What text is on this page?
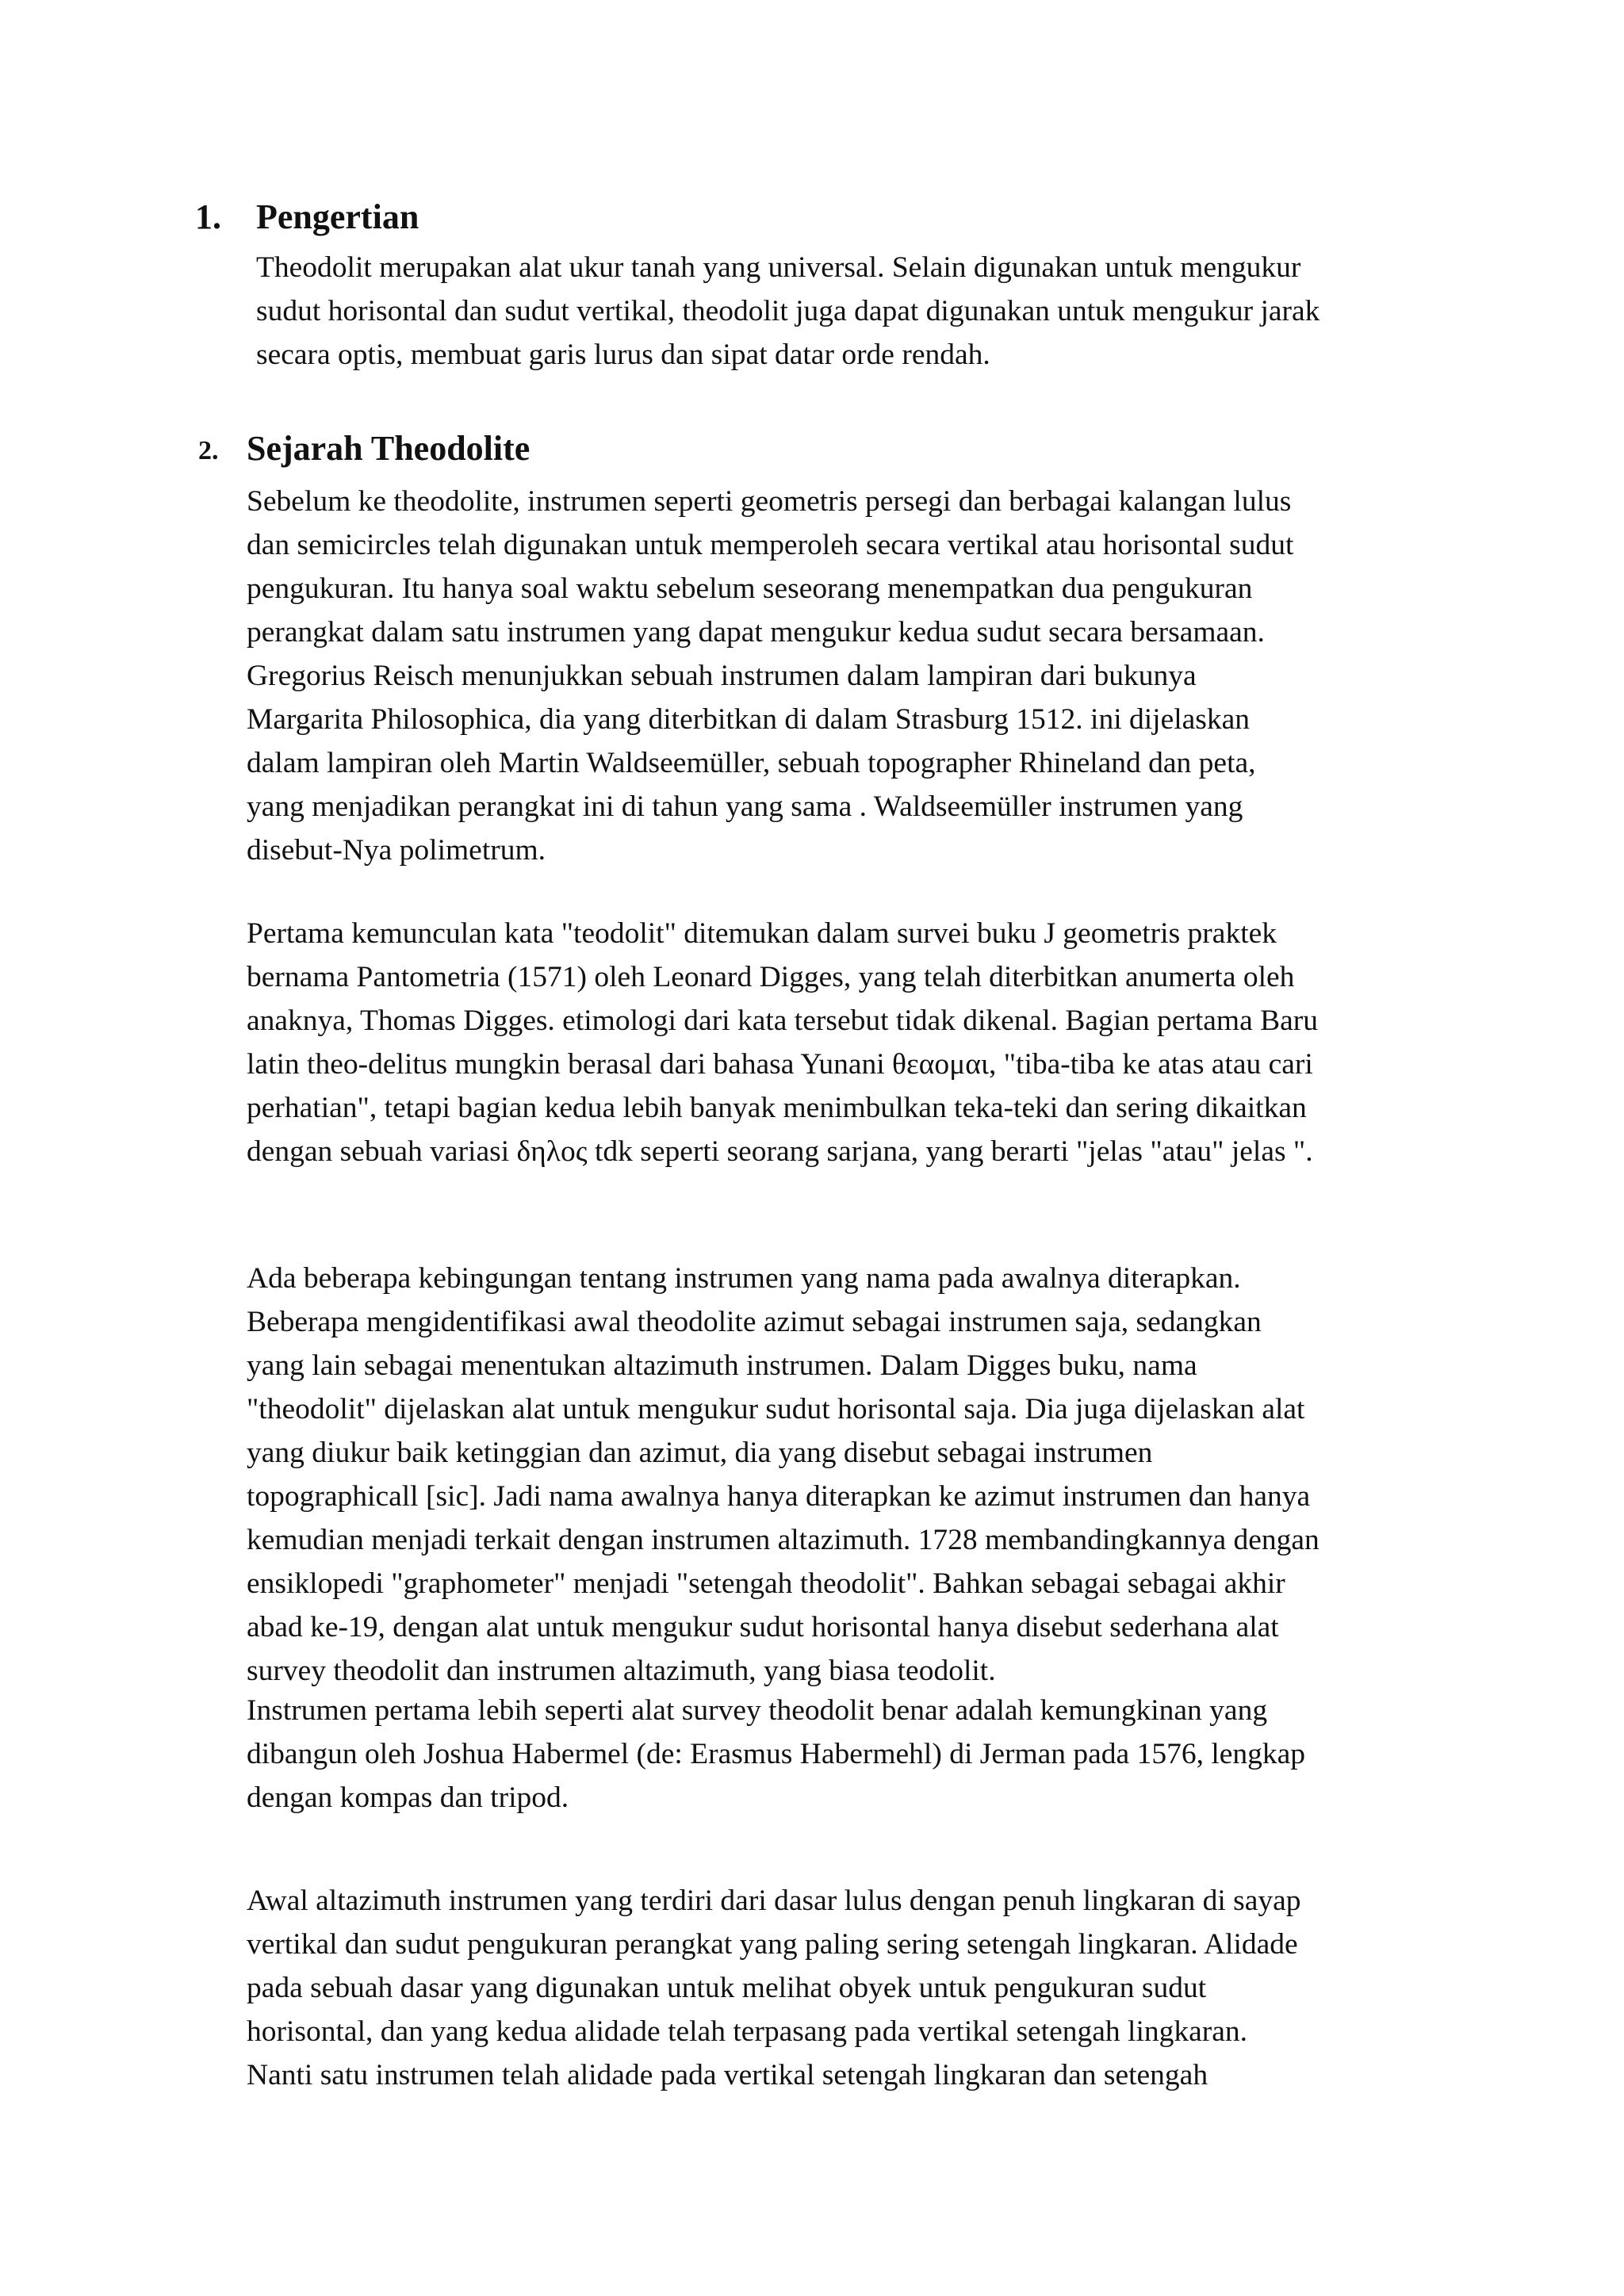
1. Pengertian

Theodolit merupakan alat ukur tanah yang universal. Selain digunakan untuk mengukur
sudut horisontal dan sudut vertikal, theodolit juga dapat digunakan untuk mengukur jarak
secara optis, membuat garis lurus dan sipat datar orde rendah.

2. Sejarah Theodolite

Sebelum ke theodolite, instrumen seperti geometris persegi dan berbagai kalangan lulus
dan semicircles telah digunakan untuk memperoleh secara vertikal atau horisontal sudut
pengukuran. Itu hanya soal waktu sebelum seseorang menempatkan dua pengukuran
perangkat dalam satu instrumen yang dapat mengukur kedua sudut secara bersamaan.
Gregorius Reisch menunjukkan sebuah instrumen dalam lampiran dari bukunya
Margarita Philosophica, dia yang diterbitkan di dalam Strasburg 1512. ini dijelaskan
dalam lampiran oleh Martin Waldseemüller, sebuah topographer Rhineland dan peta,
yang menjadikan perangkat ini di tahun yang sama . Waldseemüller instrumen yang
disebut-Nya polimetrum.

Pertama kemunculan kata "teodolit" ditemukan dalam survei buku J geometris praktek
bernama Pantometria (1571) oleh Leonard Digges, yang telah diterbitkan anumerta oleh
anaknya, Thomas Digges. etimologi dari kata tersebut tidak dikenal. Bagian pertama Baru
latin theo-delitus mungkin berasal dari bahasa Yunani θεαομαι, "tiba-tiba ke atas atau cari
perhatian", tetapi bagian kedua lebih banyak menimbulkan teka-teki dan sering dikaitkan
dengan sebuah variasi δηλος tdk seperti seorang sarjana, yang berarti "jelas "atau" jelas ".

Ada beberapa kebingungan tentang instrumen yang nama pada awalnya diterapkan.
Beberapa mengidentifikasi awal theodolite azimut sebagai instrumen saja, sedangkan
yang lain sebagai menentukan altazimuth instrumen. Dalam Digges buku, nama
"theodolit" dijelaskan alat untuk mengukur sudut horisontal saja. Dia juga dijelaskan alat
yang diukur baik ketinggian dan azimut, dia yang disebut sebagai instrumen
topographicall [sic]. Jadi nama awalnya hanya diterapkan ke azimut instrumen dan hanya
kemudian menjadi terkait dengan instrumen altazimuth. 1728 membandingkannya dengan
ensiklopedi "graphometer" menjadi "setengah theodolit". Bahkan sebagai sebagai akhir
abad ke-19, dengan alat untuk mengukur sudut horisontal hanya disebut sederhana alat
survey theodolit dan instrumen altazimuth, yang biasa teodolit.

Instrumen pertama lebih seperti alat survey theodolit benar adalah kemungkinan yang
dibangun oleh Joshua Habermel (de: Erasmus Habermehl) di Jerman pada 1576, lengkap
dengan kompas dan tripod.

Awal altazimuth instrumen yang terdiri dari dasar lulus dengan penuh lingkaran di sayap
vertikal dan sudut pengukuran perangkat yang paling sering setengah lingkaran. Alidade
pada sebuah dasar yang digunakan untuk melihat obyek untuk pengukuran sudut
horisontal, dan yang kedua alidade telah terpasang pada vertikal setengah lingkaran.
Nanti satu instrumen telah alidade pada vertikal setengah lingkaran dan setengah
